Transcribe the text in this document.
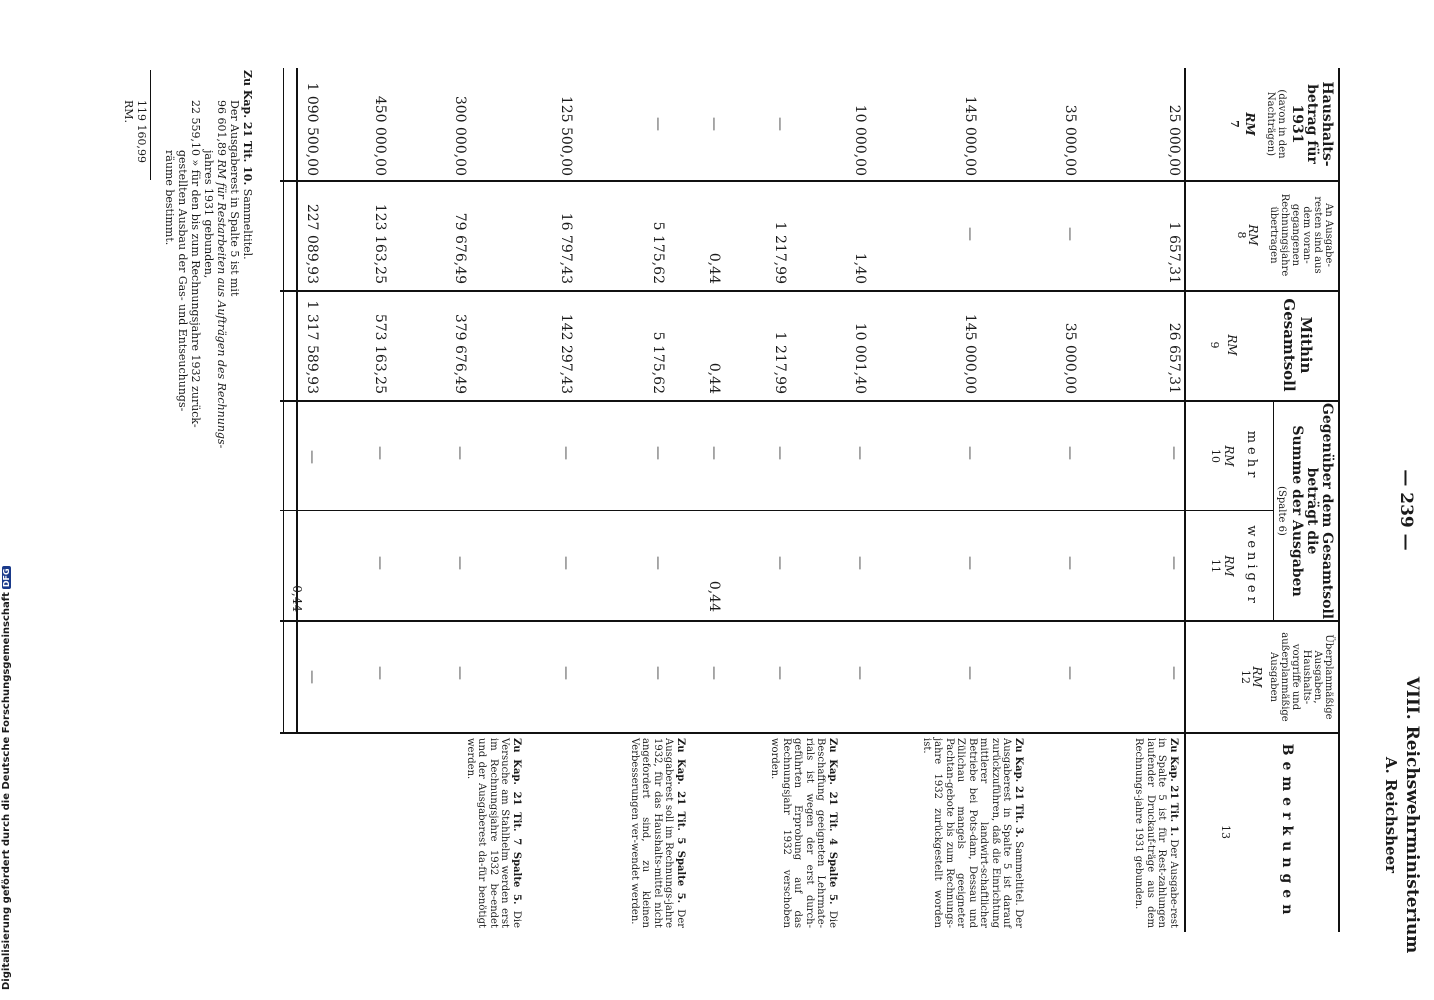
— 239 —
VIII. Reichswehrministerium
A. Reichsheer
Haushalts-
betrag für
1931
(davon in den
Nachträgen)
RM
7
An Ausgabe-
resten sind aus
dem voran-
gegangenen
Rechnungsjahre
übertragen
RM
8
Mithin
Gesamtsoll
RM
9
Gegenüber dem Gesamtsoll
beträgt die
Summe der Ausgaben
(Spalte 6)
mehr
RM
10
weniger
RM
11
Überplanmäßige
Ausgaben,
Haushalts-
vorgriffe und
außerplanmäßige
Ausgaben
RM
12
Bemerkungen
13
25 000,00
1 657,31
26 657,31
—
—
—
35 000,00
—
35 000,00
—
—
—
145 000,00
—
145 000,00
—
—
—
10 000,00
1,40
10 001,40
—
—
—
—
1 217,99
1 217,99
—
—
—
—
0,44
0,44
—
0,44
—
—
5 175,62
5 175,62
—
—
—
125 500,00
16 797,43
142 297,43
—
—
—
300 000,00
79 676,49
379 676,49
—
—
—
450 000,00
123 163,25
573 163,25
—
—
—
1 090 500,00
227 089,93
1 317 589,93
—
0,44
—
Zu Kap. 21 Tit. 1. Der Ausgabe-rest in Spalte 5 ist für Rest-zahlungen laufender Druckauf-träge aus dem Rechnungs-jahre 1931 gebunden.
Zu Kap. 21 Tit. 3. Sammeltitel. Der Ausgaberest in Spalte 5 ist darauf zurückzuführen, daß die Einrichtung mittlerer landwirt-schaftlicher Betriebe bei Pots-dam, Dessau und Zülichau mangels geeigneter Pachtan-gebote bis zum Rechnungs-jahre 1932 zurückgestellt worden ist.
Zu Kap. 21 Tit. 4 Spalte 5. Die Beschaffung geeigneten Lehrmate-rials ist wegen der erst durch-geführten Erprobung auf das Rechnungsjahr 1932 verschoben worden.
Zu Kap. 21 Tit. 5 Spalte 5. Der Ausgaberest soll im Rechnungs-jahre 1932, für das Haushalts-mittel nicht angefordert sind, zu kleinen Verbesserungen ver-wendet werden.
Zu Kap. 21 Tit. 7 Spalte 5. Die Versuche am Stahlhelm werden erst im Rechnungsjahre 1932 be-endet und der Ausgaberest da-für benötigt werden.
Zu Kap. 21 Tit. 10. Sammeltitel.
Der Ausgaberest in Spalte 5 ist mit
96 601,89 RM für Restarbeiten aus Aufträgen des Rechnungs-
jahres 1931 gebunden,
22 559,10 » für den bis zum Rechnungsjahre 1932 zurück-
gestellten Ausbau der Gas- und Entseuchungs-
räume bestimmt.
119 160,99 RM.
Digitalisierung gefördert durch die Deutsche ForschungsgemeinschaftDFG
